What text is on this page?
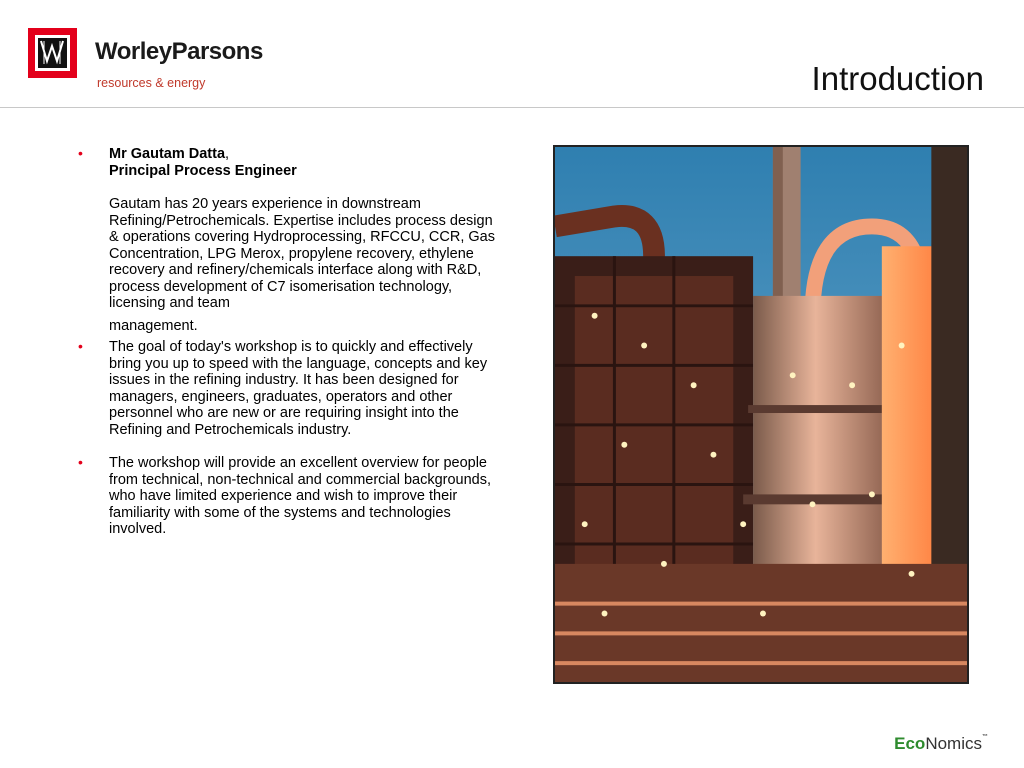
WorleyParsons
resources & energy	Introduction
• Mr Gautam Datta,
Principal Process Engineer
Gautam has 20 years experience in downstream Refining/Petrochemicals. Expertise includes process design & operations covering Hydroprocessing, RFCCU, CCR, Gas Concentration, LPG Merox, propylene recovery, ethylene recovery and refinery/chemicals interface along with R&D, process development of C7 isomerisation technology, licensing and team
management.
• The goal of today's workshop is to quickly and effectively bring you up to speed with the language, concepts and key issues in the refining industry. It has been designed for managers, engineers, graduates, operators and other personnel who are new or are requiring insight into the Refining and Petrochemicals industry.
• The workshop will provide an excellent overview for people from technical, non-technical and commercial backgrounds, who have limited experience and wish to improve their familiarity with some of the systems and technologies involved.
EcoNomics™
